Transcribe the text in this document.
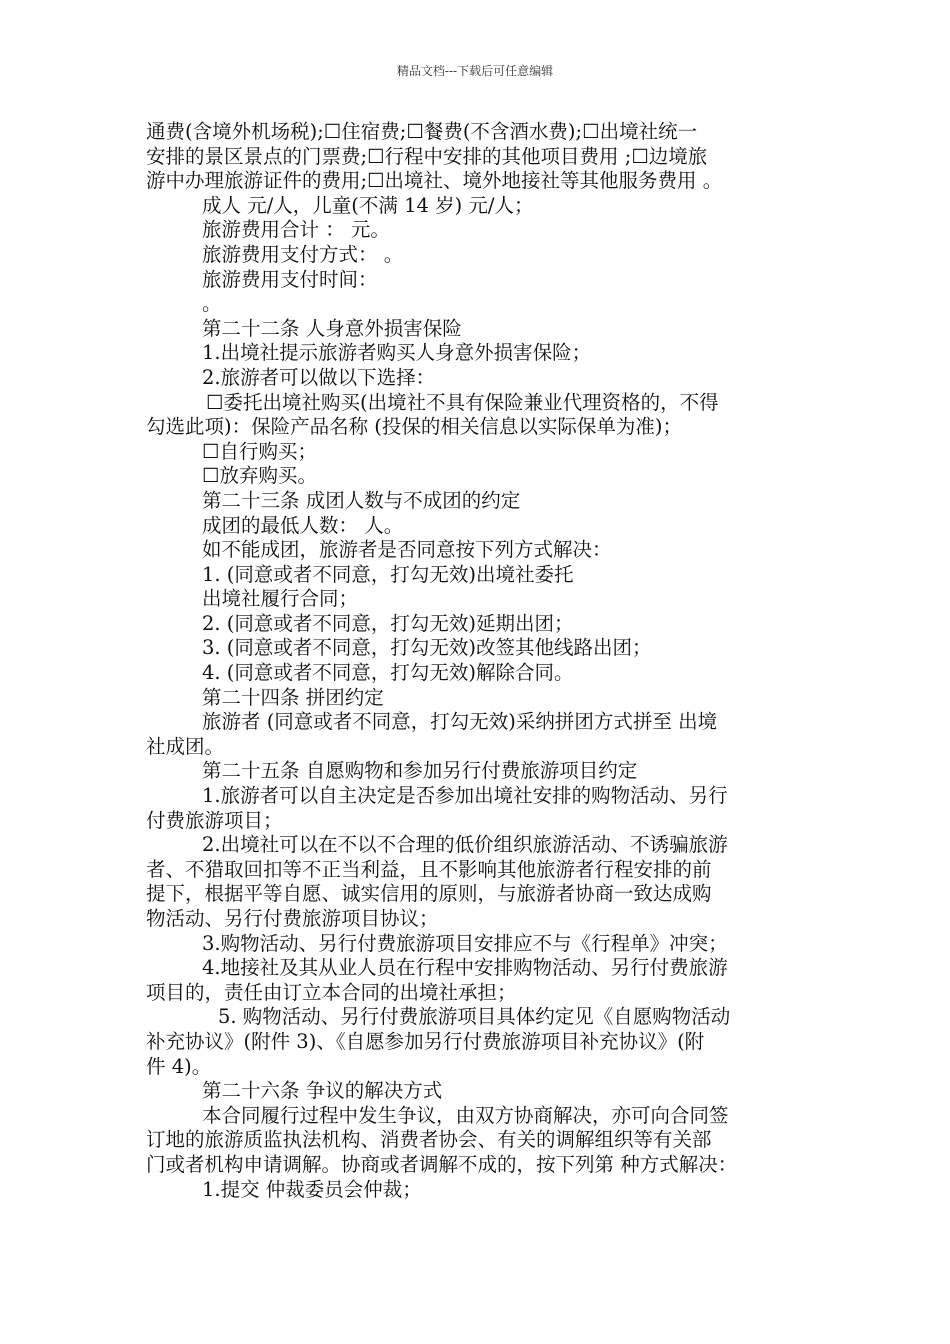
精品文档---下载后可任意编辑

通费(含境外机场税);☐住宿费;☐餐费(不含酒水费);☐出境社统一

安排的景区景点的门票费;☐行程中安排的其他项目费用 ;☐边境旅

游中办理旅游证件的费用;☐出境社、境外地接社等其他服务费用 。

成人 元/人，儿童(不满 14 岁) 元/人；

旅游费用合计 ： 元。

旅游费用支付方式： 。

旅游费用支付时间：

。

第二十二条 人身意外损害保险

1.出境社提示旅游者购买人身意外损害保险；

2.旅游者可以做以下选择：

☐委托出境社购买(出境社不具有保险兼业代理资格的，不得

勾选此项)：保险产品名称 (投保的相关信息以实际保单为准)；

☐自行购买；

☐放弃购买。

第二十三条 成团人数与不成团的约定

成团的最低人数： 人。

如不能成团，旅游者是否同意按下列方式解决：

1. (同意或者不同意，打勾无效)出境社委托

出境社履行合同；

2. (同意或者不同意，打勾无效)延期出团；

3. (同意或者不同意，打勾无效)改签其他线路出团；

4. (同意或者不同意，打勾无效)解除合同。

第二十四条 拼团约定

旅游者 (同意或者不同意，打勾无效)采纳拼团方式拼至 出境

社成团。

第二十五条 自愿购物和参加另行付费旅游项目约定

1.旅游者可以自主决定是否参加出境社安排的购物活动、另行

付费旅游项目；

2.出境社可以在不以不合理的低价组织旅游活动、不诱骗旅游

者、不猎取回扣等不正当利益，且不影响其他旅游者行程安排的前

提下，根据平等自愿、诚实信用的原则，与旅游者协商一致达成购

物活动、另行付费旅游项目协议；

3.购物活动、另行付费旅游项目安排应不与《行程单》冲突；

4.地接社及其从业人员在行程中安排购物活动、另行付费旅游

项目的，责任由订立本合同的出境社承担；

5. 购物活动、另行付费旅游项目具体约定见《自愿购物活动

补充协议》(附件 3)、《自愿参加另行付费旅游项目补充协议》(附

件 4)。

第二十六条 争议的解决方式

本合同履行过程中发生争议，由双方协商解决，亦可向合同签

订地的旅游质监执法机构、消费者协会、有关的调解组织等有关部

门或者机构申请调解。协商或者调解不成的，按下列第 种方式解决：

1.提交 仲裁委员会仲裁；
